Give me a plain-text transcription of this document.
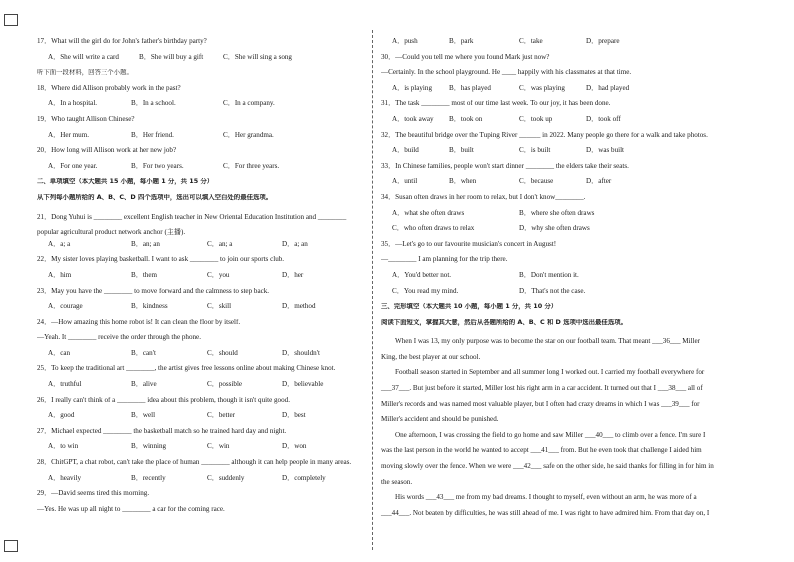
17．What will the girl do for John's father's birthday party?
A．She will write a card	B．She will buy a gift	C．She will sing a song
听下面一段材料，回答三个小题。
18．Where did Allison probably work in the past?
A．In a hospital.	B．In a school.	C．In a company.
19．Who taught Allison Chinese?
A．Her mum.	B．Her friend.	C．Her grandma.
20．How long will Allison work at her new job?
A．For one year.	B．For two years.	C．For three years.
二、单项填空（本大题共 15 小题，每小题 1 分，共 15 分）
从下列每小题所给的 A、B、C、D 四个选项中，选出可以填入空白处的最佳选项。
21．Dong Yuhui is ________ excellent English teacher in New Oriental Education Institution and ________ popular agricultural product network anchor (主播).
A．a; a	B．an; an	C．an; a	D．a; an
22．My sister loves playing basketball. I want to ask ________ to join our sports club.
A．him	B．them	C．you	D．her
23．May you have the ________ to move forward and the calmness to step back.
A．courage	B．kindness	C．skill	D．method
24．—How amazing this home robot is! It can clean the floor by itself.
—Yeah. It ________ receive the order through the phone.
A．can	B．can't	C．should	D．shouldn't
25．To keep the traditional art ________, the artist gives free lessons online about making Chinese knot.
A．truthful	B．alive	C．possible	D．believable
26．I really can't think of a ________ idea about this problem, though it isn't quite good.
A．good	B．well	C．better	D．best
27．Michael expected ________ the basketball match so he trained hard day and night.
A．to win	B．winning	C．win	D．won
28．ChitGPT, a chat robot, can't take the place of human ________ although it can help people in many areas.
A．heavily	B．recently	C．suddenly	D．completely
29．—David seems tired this morning.
—Yes. He was up all night to ________ a car for the coming race.
A．push	B．park	C．take	D．prepare
30．—Could you tell me where you found Mark just now?
—Certainly. In the school playground. He ____ happily with his classmates at that time.
A．is playing B．has played	C．was playing	D．had played
31．The task ________ most of our time last week. To our joy, it has been done.
A．took away B．took on	C．took up	D．took off
32．The beautiful bridge over the Tuping River ______ in 2022. Many people go there for a walk and take photos.
A．build	B．built	C．is built	D．was built
33．In Chinese families, people won't start dinner ________ the elders take their seats.
A．until	B．when	C．because	D．after
34．Susan often draws in her room to relax, but I don't know________.
A．what she often draws	B．where she often draws
C．who often draws to relax	D．why she often draws
35．—Let's go to our favourite musician's concert in August!
—________ I am planning for the trip there.
A．You'd better not.	B．Don't mention it.
C．You read my mind.	D．That's not the case.
三、完形填空（本大题共 10 小题，每小题 1 分，共 10 分）
阅读下面短文，掌握其大意，然后从各题所给的 A、B、C 和 D 选项中选出最佳选项。
When I was 13, my only purpose was to become the star on our football team. That meant ___36___ Miller King, the best player at our school.
Football season started in September and all summer long I worked out. I carried my football everywhere for ___37___. But just before it started, Miller lost his right arm in a car accident. It turned out that I ___38___ all of Miller's records and was named most valuable player, but I often had crazy dreams in which I was ___39___ for Miller's accident and should be punished.
One afternoon, I was crossing the field to go home and saw Miller ___40___ to climb over a fence. I'm sure I was the last person in the world he wanted to accept ___41___ from. But he even took that challenge I aided him moving slowly over the fence. When we were ___42___ safe on the other side, he said thanks for filling in for him in the season.
His words ___43___ me from my bad dreams. I thought to myself, even without an arm, he was more of a ___44___. Not beaten by difficulties, he was still ahead of me. I was right to have admired him. From that day on, I
